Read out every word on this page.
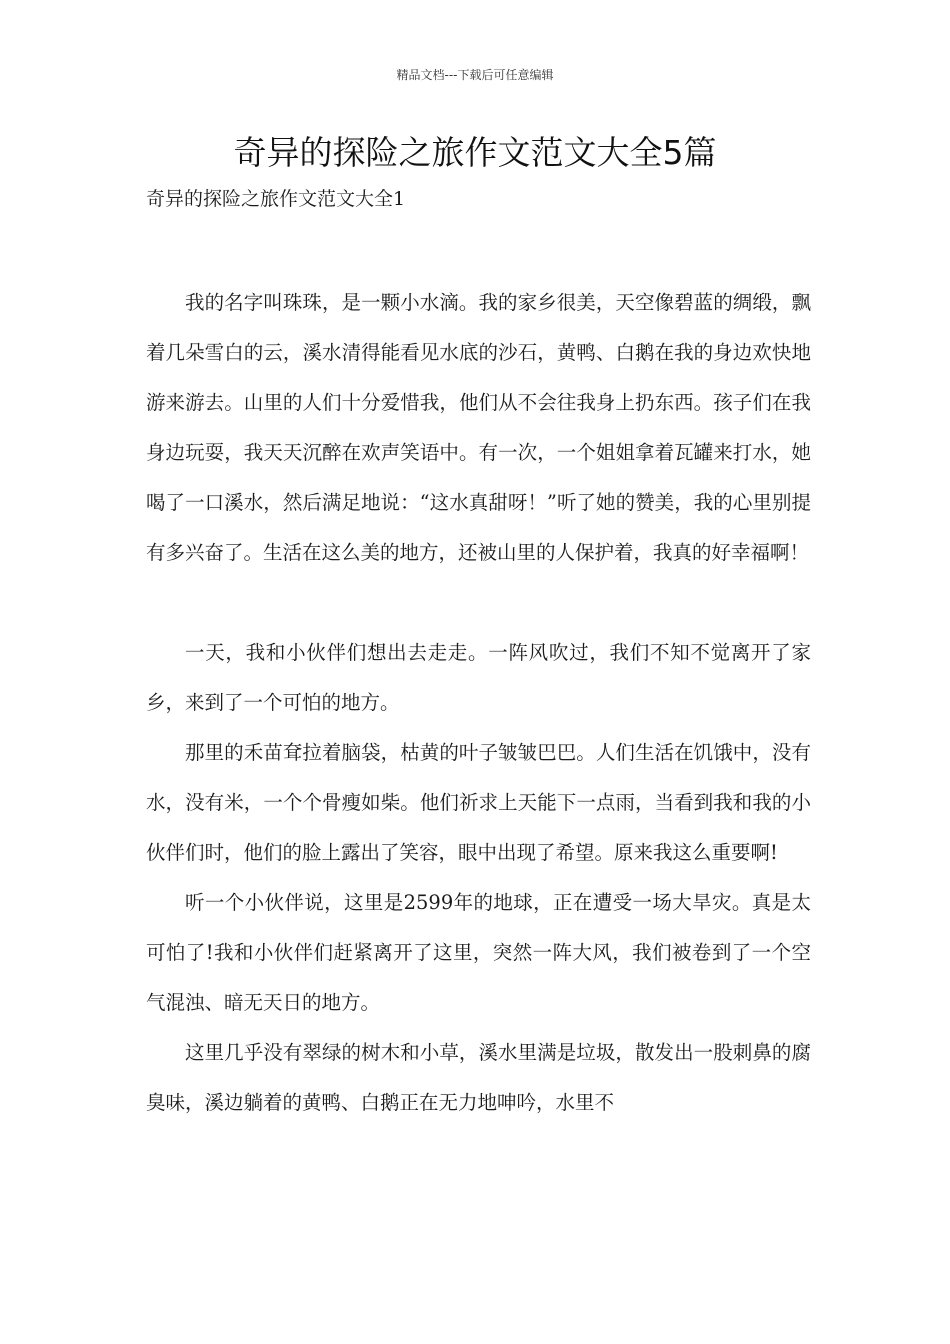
精品文档---下载后可任意编辑
奇异的探险之旅作文范文大全5篇

奇异的探险之旅作文范文大全1

我的名字叫珠珠，是一颗小水滴。我的家乡很美，天空像碧蓝的绸缎，飘着几朵雪白的云，溪水清得能看见水底的沙石，黄鸭、白鹅在我的身边欢快地游来游去。山里的人们十分爱惜我，他们从不会往我身上扔东西。孩子们在我身边玩耍，我天天沉醉在欢声笑语中。有一次，一个姐姐拿着瓦罐来打水，她喝了一口溪水，然后满足地说：“这水真甜呀！”听了她的赞美，我的心里别提有多兴奋了。生活在这么美的地方，还被山里的人保护着，我真的好幸福啊！

一天，我和小伙伴们想出去走走。一阵风吹过，我们不知不觉离开了家乡，来到了一个可怕的地方。

那里的禾苗耷拉着脑袋，枯黄的叶子皱皱巴巴。人们生活在饥饿中，没有水，没有米，一个个骨瘦如柴。他们祈求上天能下一点雨，当看到我和我的小伙伴们时，他们的脸上露出了笑容，眼中出现了希望。原来我这么重要啊!

听一个小伙伴说，这里是2599年的地球，正在遭受一场大旱灾。真是太可怕了!我和小伙伴们赶紧离开了这里，突然一阵大风，我们被卷到了一个空气混浊、暗无天日的地方。

这里几乎没有翠绿的树木和小草，溪水里满是垃圾，散发出一股刺鼻的腐臭味，溪边躺着的黄鸭、白鹅正在无力地呻吟，水里不
